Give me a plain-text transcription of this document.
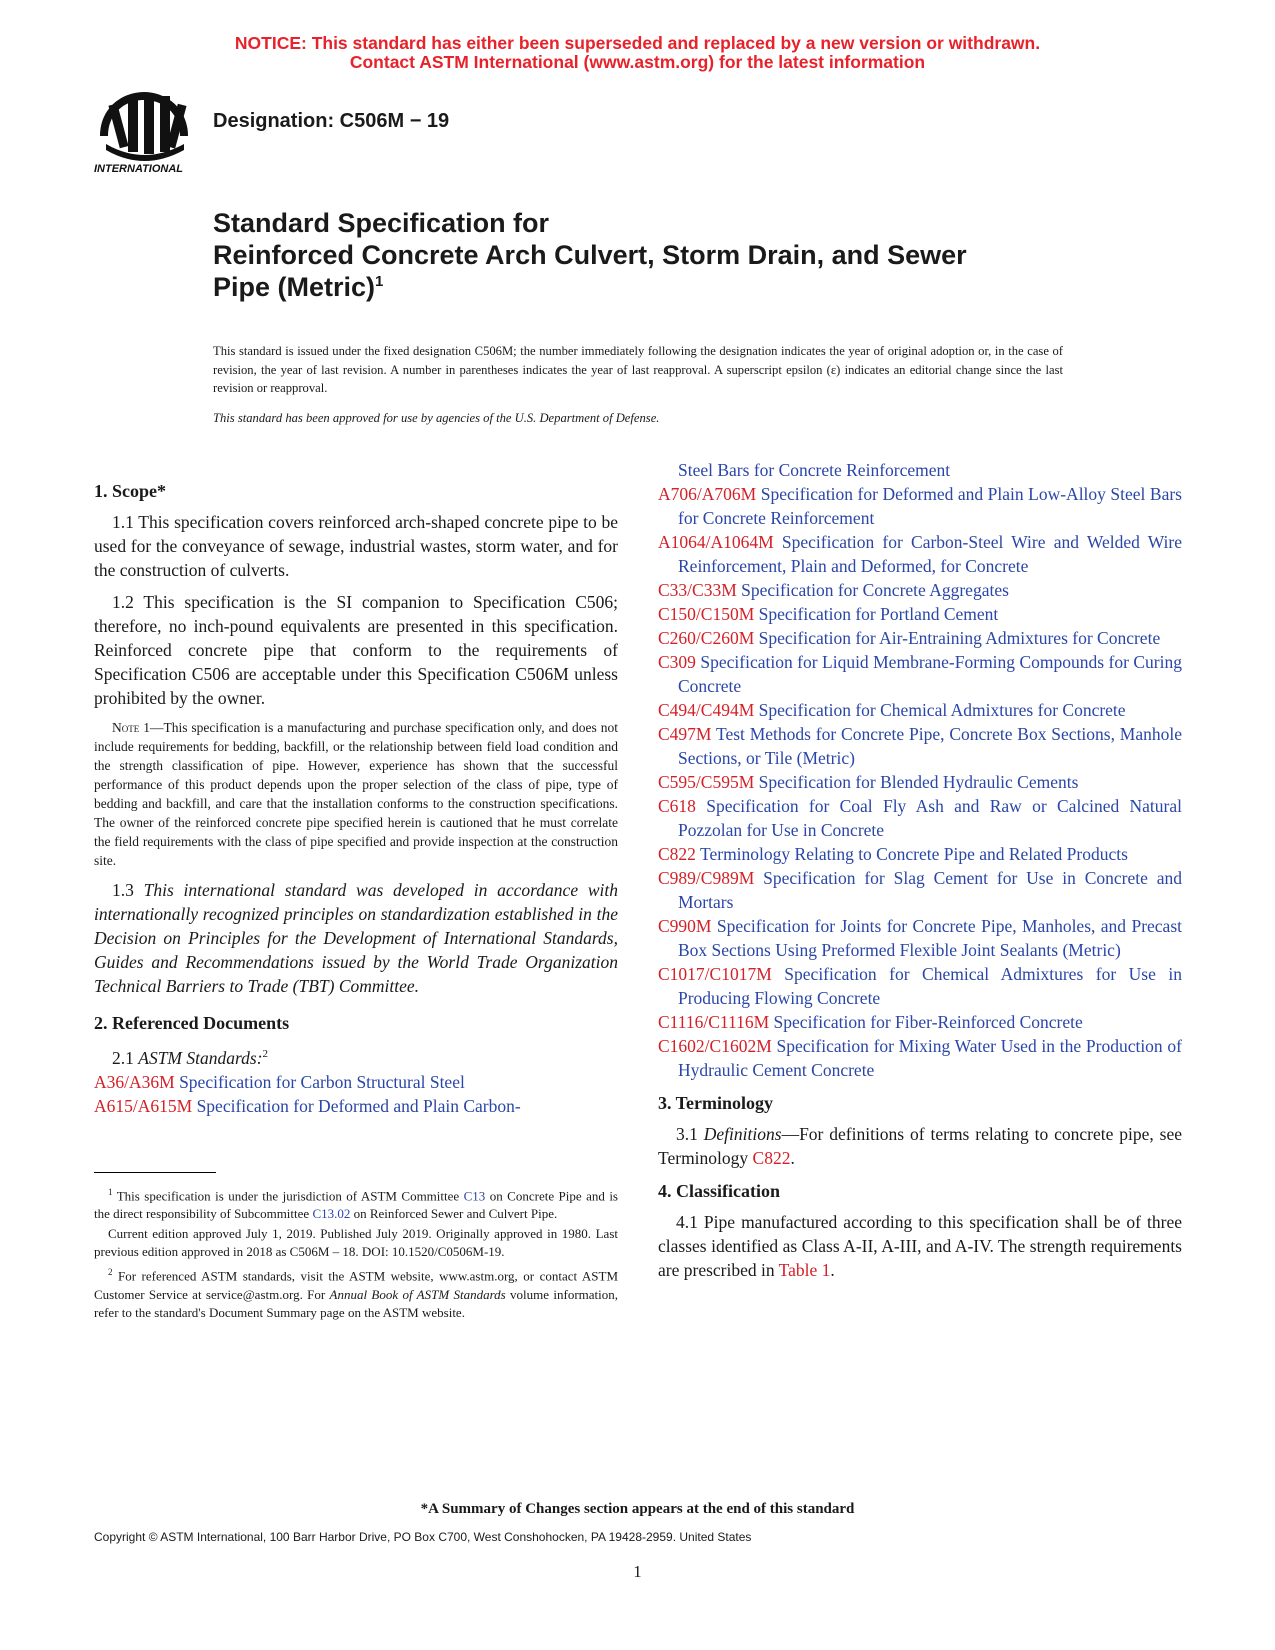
NOTICE: This standard has either been superseded and replaced by a new version or withdrawn.
Contact ASTM International (www.astm.org) for the latest information
INTERNATIONAL
Designation: C506M − 19
Standard Specification for
Reinforced Concrete Arch Culvert, Storm Drain, and Sewer
Pipe (Metric)$^1$
This standard is issued under the fixed designation C506M; the number immediately following the designation indicates the year of original adoption or, in the case of revision, the year of last revision. A number in parentheses indicates the year of last reapproval. A superscript epsilon (ε) indicates an editorial change since the last revision or reapproval.
This standard has been approved for use by agencies of the U.S. Department of Defense.
1. Scope*

1.1 This specification covers reinforced arch-shaped concrete pipe to be used for the conveyance of sewage, industrial wastes, storm water, and for the construction of culverts.

1.2 This specification is the SI companion to Specification C506; therefore, no inch-pound equivalents are presented in this specification. Reinforced concrete pipe that conform to the requirements of Specification C506 are acceptable under this Specification C506M unless prohibited by the owner.

Note 1—This specification is a manufacturing and purchase specification only, and does not include requirements for bedding, backfill, or the relationship between field load condition and the strength classification of pipe. However, experience has shown that the successful performance of this product depends upon the proper selection of the class of pipe, type of bedding and backfill, and care that the installation conforms to the construction specifications. The owner of the reinforced concrete pipe specified herein is cautioned that he must correlate the field requirements with the class of pipe specified and provide inspection at the construction site.

1.3 This international standard was developed in accordance with internationally recognized principles on standardization established in the Decision on Principles for the Development of International Standards, Guides and Recommendations issued by the World Trade Organization Technical Barriers to Trade (TBT) Committee.

2. Referenced Documents

2.1 ASTM Standards:$^2$

A36/A36M Specification for Carbon Structural Steel

A615/A615M Specification for Deformed and Plain Carbon-

$^1$ This specification is under the jurisdiction of ASTM Committee C13 on Concrete Pipe and is the direct responsibility of Subcommittee C13.02 on Reinforced Sewer and Culvert Pipe.

Current edition approved July 1, 2019. Published July 2019. Originally approved in 1980. Last previous edition approved in 2018 as C506M – 18. DOI: 10.1520/C0506M-19.

$^2$ For referenced ASTM standards, visit the ASTM website, www.astm.org, or contact ASTM Customer Service at service@astm.org. For Annual Book of ASTM Standards volume information, refer to the standard's Document Summary page on the ASTM website.

Steel Bars for Concrete Reinforcement

A706/A706M Specification for Deformed and Plain Low-Alloy Steel Bars for Concrete Reinforcement

A1064/A1064M Specification for Carbon-Steel Wire and Welded Wire Reinforcement, Plain and Deformed, for Concrete

C33/C33M Specification for Concrete Aggregates

C150/C150M Specification for Portland Cement

C260/C260M Specification for Air-Entraining Admixtures for Concrete

C309 Specification for Liquid Membrane-Forming Compounds for Curing Concrete

C494/C494M Specification for Chemical Admixtures for Concrete

C497M Test Methods for Concrete Pipe, Concrete Box Sections, Manhole Sections, or Tile (Metric)

C595/C595M Specification for Blended Hydraulic Cements

C618 Specification for Coal Fly Ash and Raw or Calcined Natural Pozzolan for Use in Concrete

C822 Terminology Relating to Concrete Pipe and Related Products

C989/C989M Specification for Slag Cement for Use in Concrete and Mortars

C990M Specification for Joints for Concrete Pipe, Manholes, and Precast Box Sections Using Preformed Flexible Joint Sealants (Metric)

C1017/C1017M Specification for Chemical Admixtures for Use in Producing Flowing Concrete

C1116/C1116M Specification for Fiber-Reinforced Concrete

C1602/C1602M Specification for Mixing Water Used in the Production of Hydraulic Cement Concrete

3. Terminology

3.1 Definitions—For definitions of terms relating to concrete pipe, see Terminology C822.

4. Classification

4.1 Pipe manufactured according to this specification shall be of three classes identified as Class A-II, A-III, and A-IV. The strength requirements are prescribed in Table 1.

*A Summary of Changes section appears at the end of this standard
Copyright © ASTM International, 100 Barr Harbor Drive, PO Box C700, West Conshohocken, PA 19428-2959. United States
1
